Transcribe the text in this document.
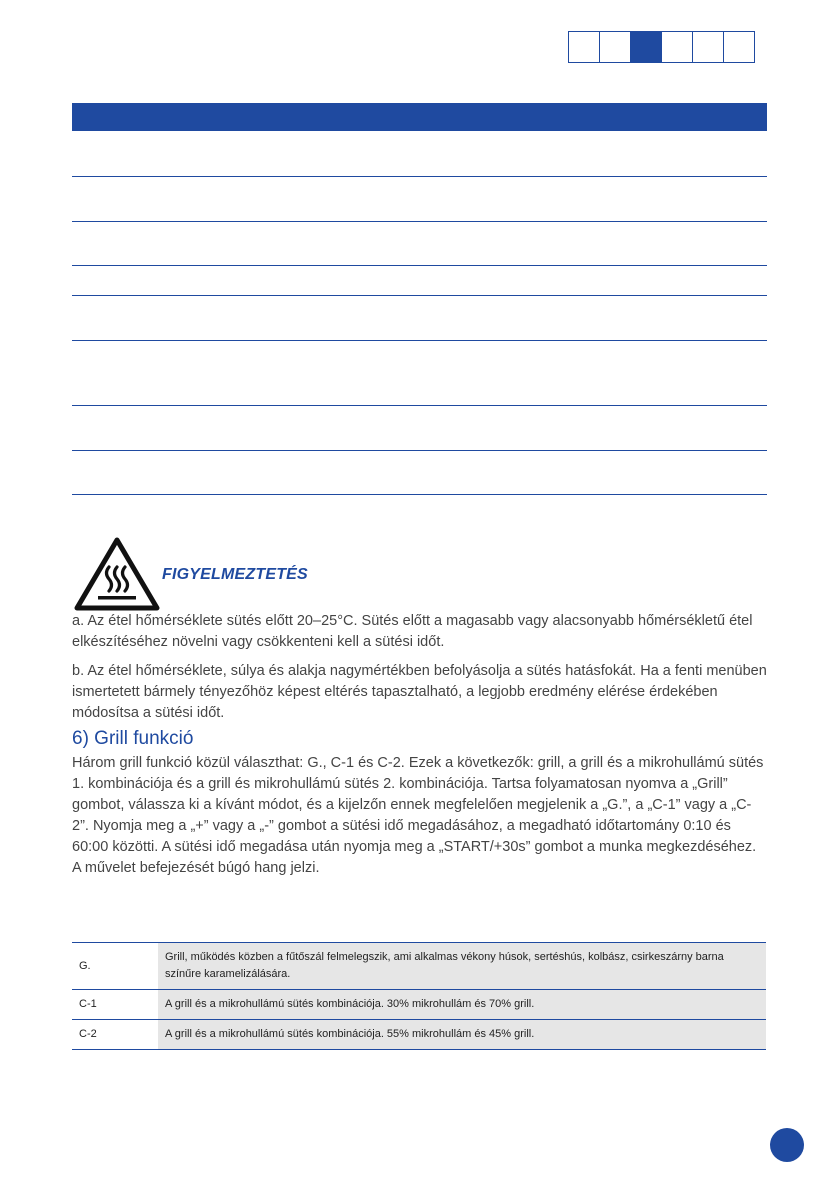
FIGYELMEZTETÉS
a. Az étel hőmérséklete sütés előtt 20–25°C. Sütés előtt a magasabb vagy alacsonyabb hőmérsékletű étel elkészítéséhez növelni vagy csökkenteni kell a sütési időt.
b. Az étel hőmérséklete, súlya és alakja nagymértékben befolyásolja a sütés hatásfokát. Ha a fenti menüben ismertetett bármely tényezőhöz képest eltérés tapasztalható, a legjobb eredmény elérése érdekében módosítsa a sütési időt.
6) Grill funkció
Három grill funkció közül választhat: G., C-1 és C-2. Ezek a következők: grill, a grill és a mikrohullámú sütés 1. kombinációja és a grill és mikrohullámú sütés 2. kombinációja. Tartsa folyamatosan nyomva a „Grill” gombot, válassza ki a kívánt módot, és a kijelzőn ennek megfelelően megjelenik a „G.”, a „C-1” vagy a „C-2”. Nyomja meg a „+” vagy a „-” gombot a sütési idő megadásához, a megadható időtartomány 0:10 és 60:00 közötti. A sütési idő megadása után nyomja meg a „START/+30s” gombot a munka megkezdéséhez. A művelet befejezését búgó hang jelzi.
G.	Grill, működés közben a fűtőszál felmelegszik, ami alkalmas vékony húsok, sertéshús, kolbász, csirkeszárny barna színűre karamelizálására.
C-1	A grill és a mikrohullámú sütés kombinációja. 30% mikrohullám és 70% grill.
C-2	A grill és a mikrohullámú sütés kombinációja. 55% mikrohullám és 45% grill.
